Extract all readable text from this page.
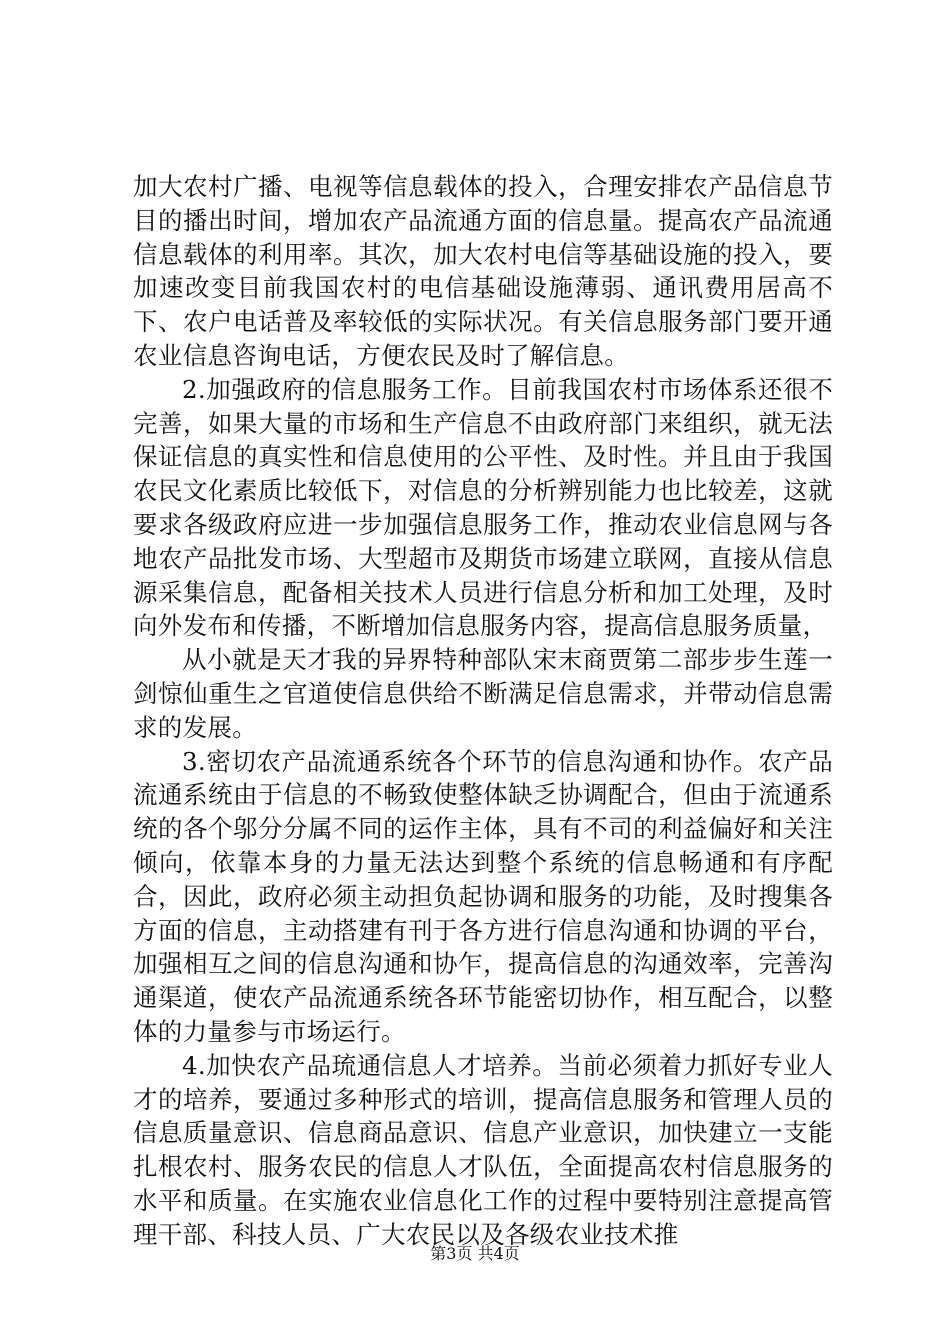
加大农村广播、电视等信息载体的投入，合理安排农产品信息节目的播出时间，增加农产品流通方面的信息量。提高农产品流通信息载体的利用率。其次，加大农村电信等基础设施的投入，要加速改变目前我国农村的电信基础设施薄弱、通讯费用居高不下、农户电话普及率较低的实际状况。有关信息服务部门要开通农业信息咨询电话，方便农民及时了解信息。

2.加强政府的信息服务工作。目前我国农村市场体系还很不完善，如果大量的市场和生产信息不由政府部门来组织，就无法保证信息的真实性和信息使用的公平性、及时性。并且由于我国农民文化素质比较低下，对信息的分析辨别能力也比较差，这就要求各级政府应进一步加强信息服务工作，推动农业信息网与各地农产品批发市场、大型超市及期货市场建立联网，直接从信息源采集信息，配备相关技术人员进行信息分析和加工处理，及时向外发布和传播，不断增加信息服务内容，提高信息服务质量，

从小就是天才我的异界特种部队宋末商贾第二部步步生莲一剑惊仙重生之官道使信息供给不断满足信息需求，并带动信息需求的发展。

3.密切农产品流通系统各个环节的信息沟通和协作。农产品流通系统由于信息的不畅致使整体缺乏协调配合，但由于流通系统的各个邬分分属不同的运作主体，具有不司的利益偏好和关注倾向，依靠本身的力量无法达到整个系统的信息畅通和有序配合，因此，政府必须主动担负起协调和服务的功能，及时搜集各方面的信息，主动搭建有刊于各方进行信息沟通和协调的平台，加强相互之间的信息沟通和协乍，提高信息的沟通效率，完善沟通渠道，使农产品流通系统各环节能密切协作，相互配合，以整体的力量参与市场运行。

4.加快农产品琉通信息人才培养。当前必须着力抓好专业人才的培养，要通过多种形式的培训，提高信息服务和管理人员的信息质量意识、信息商品意识、信息产业意识，加快建立一支能扎根农村、服务农民的信息人才队伍，全面提高农村信息服务的水平和质量。在实施农业信息化工作的过程中要特别注意提高管理干部、科技人员、广大农民以及各级农业技术推

第3页 共4页
